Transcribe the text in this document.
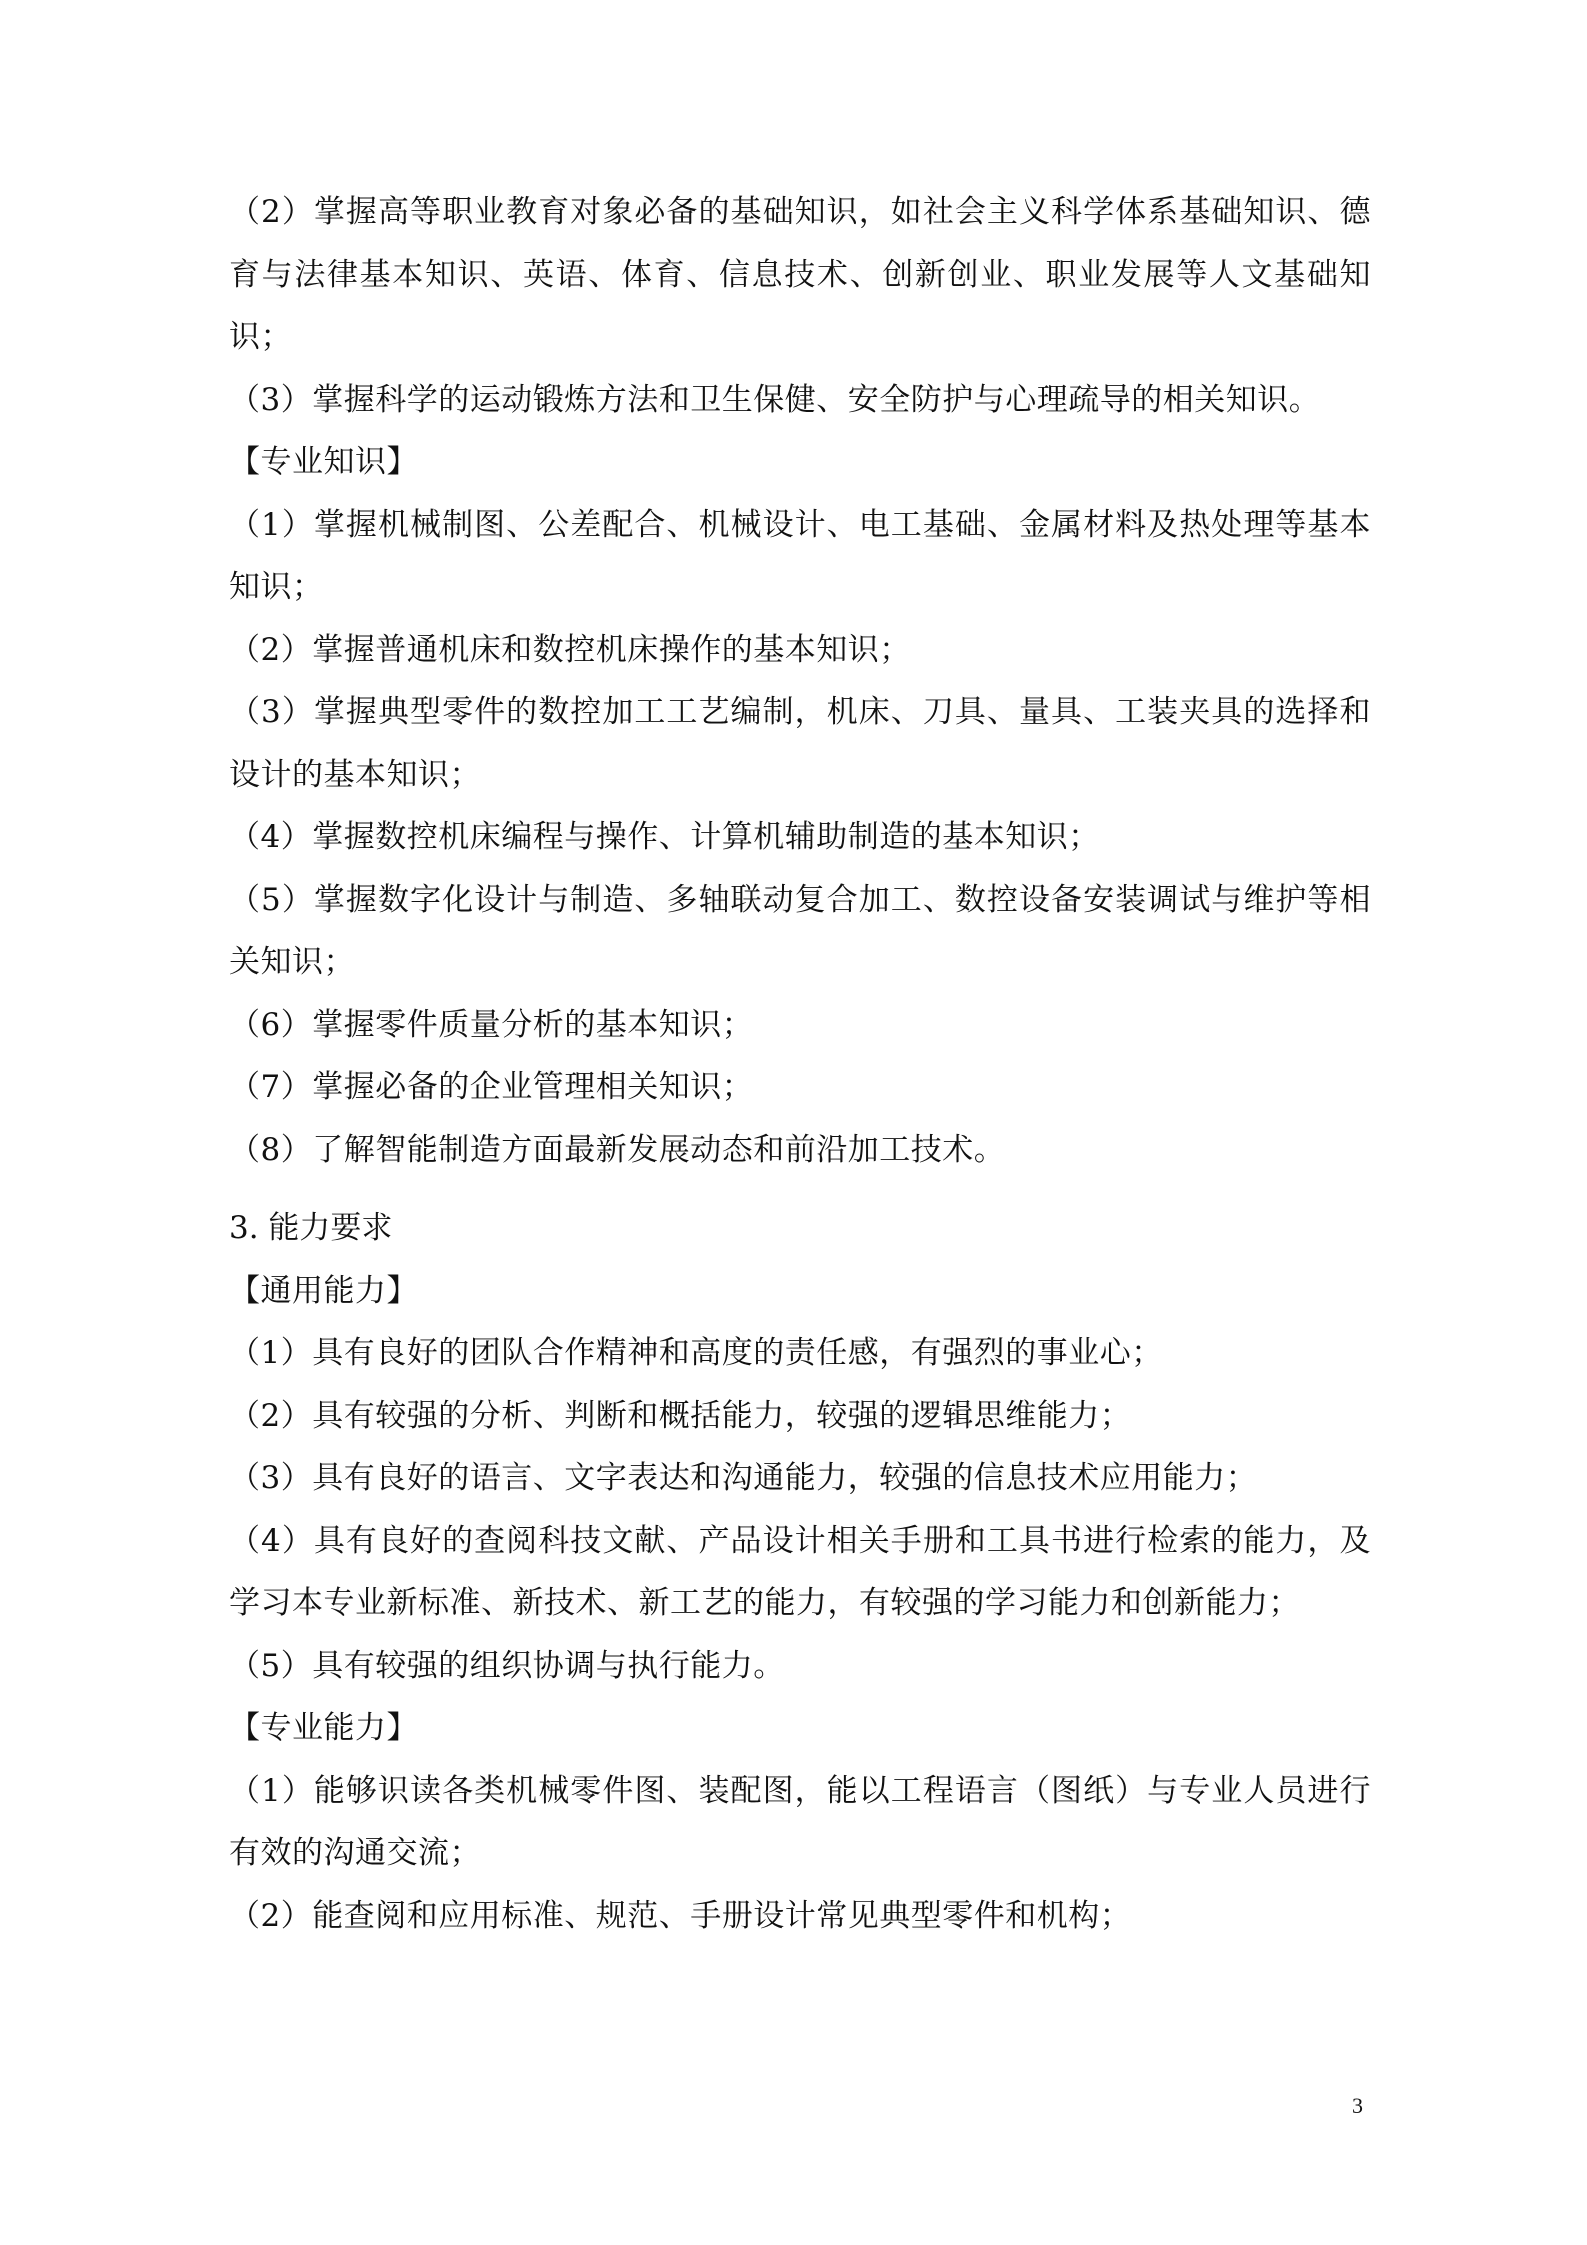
（2）掌握高等职业教育对象必备的基础知识，如社会主义科学体系基础知识、德
育与法律基本知识、英语、体育、信息技术、创新创业、职业发展等人文基础知
识；
（3）掌握科学的运动锻炼方法和卫生保健、安全防护与心理疏导的相关知识。
【专业知识】
（1）掌握机械制图、公差配合、机械设计、电工基础、金属材料及热处理等基本
知识；
（2）掌握普通机床和数控机床操作的基本知识；
（3）掌握典型零件的数控加工工艺编制，机床、刀具、量具、工装夹具的选择和
设计的基本知识；
（4）掌握数控机床编程与操作、计算机辅助制造的基本知识；
（5）掌握数字化设计与制造、多轴联动复合加工、数控设备安装调试与维护等相
关知识；
（6）掌握零件质量分析的基本知识；
（7）掌握必备的企业管理相关知识；
（8）了解智能制造方面最新发展动态和前沿加工技术。
3. 能力要求
【通用能力】
（1）具有良好的团队合作精神和高度的责任感，有强烈的事业心；
（2）具有较强的分析、判断和概括能力，较强的逻辑思维能力；
（3）具有良好的语言、文字表达和沟通能力，较强的信息技术应用能力；
（4）具有良好的查阅科技文献、产品设计相关手册和工具书进行检索的能力，及
学习本专业新标准、新技术、新工艺的能力，有较强的学习能力和创新能力；
（5）具有较强的组织协调与执行能力。
【专业能力】
（1）能够识读各类机械零件图、装配图，能以工程语言（图纸）与专业人员进行
有效的沟通交流；
（2）能查阅和应用标准、规范、手册设计常见典型零件和机构；
3
